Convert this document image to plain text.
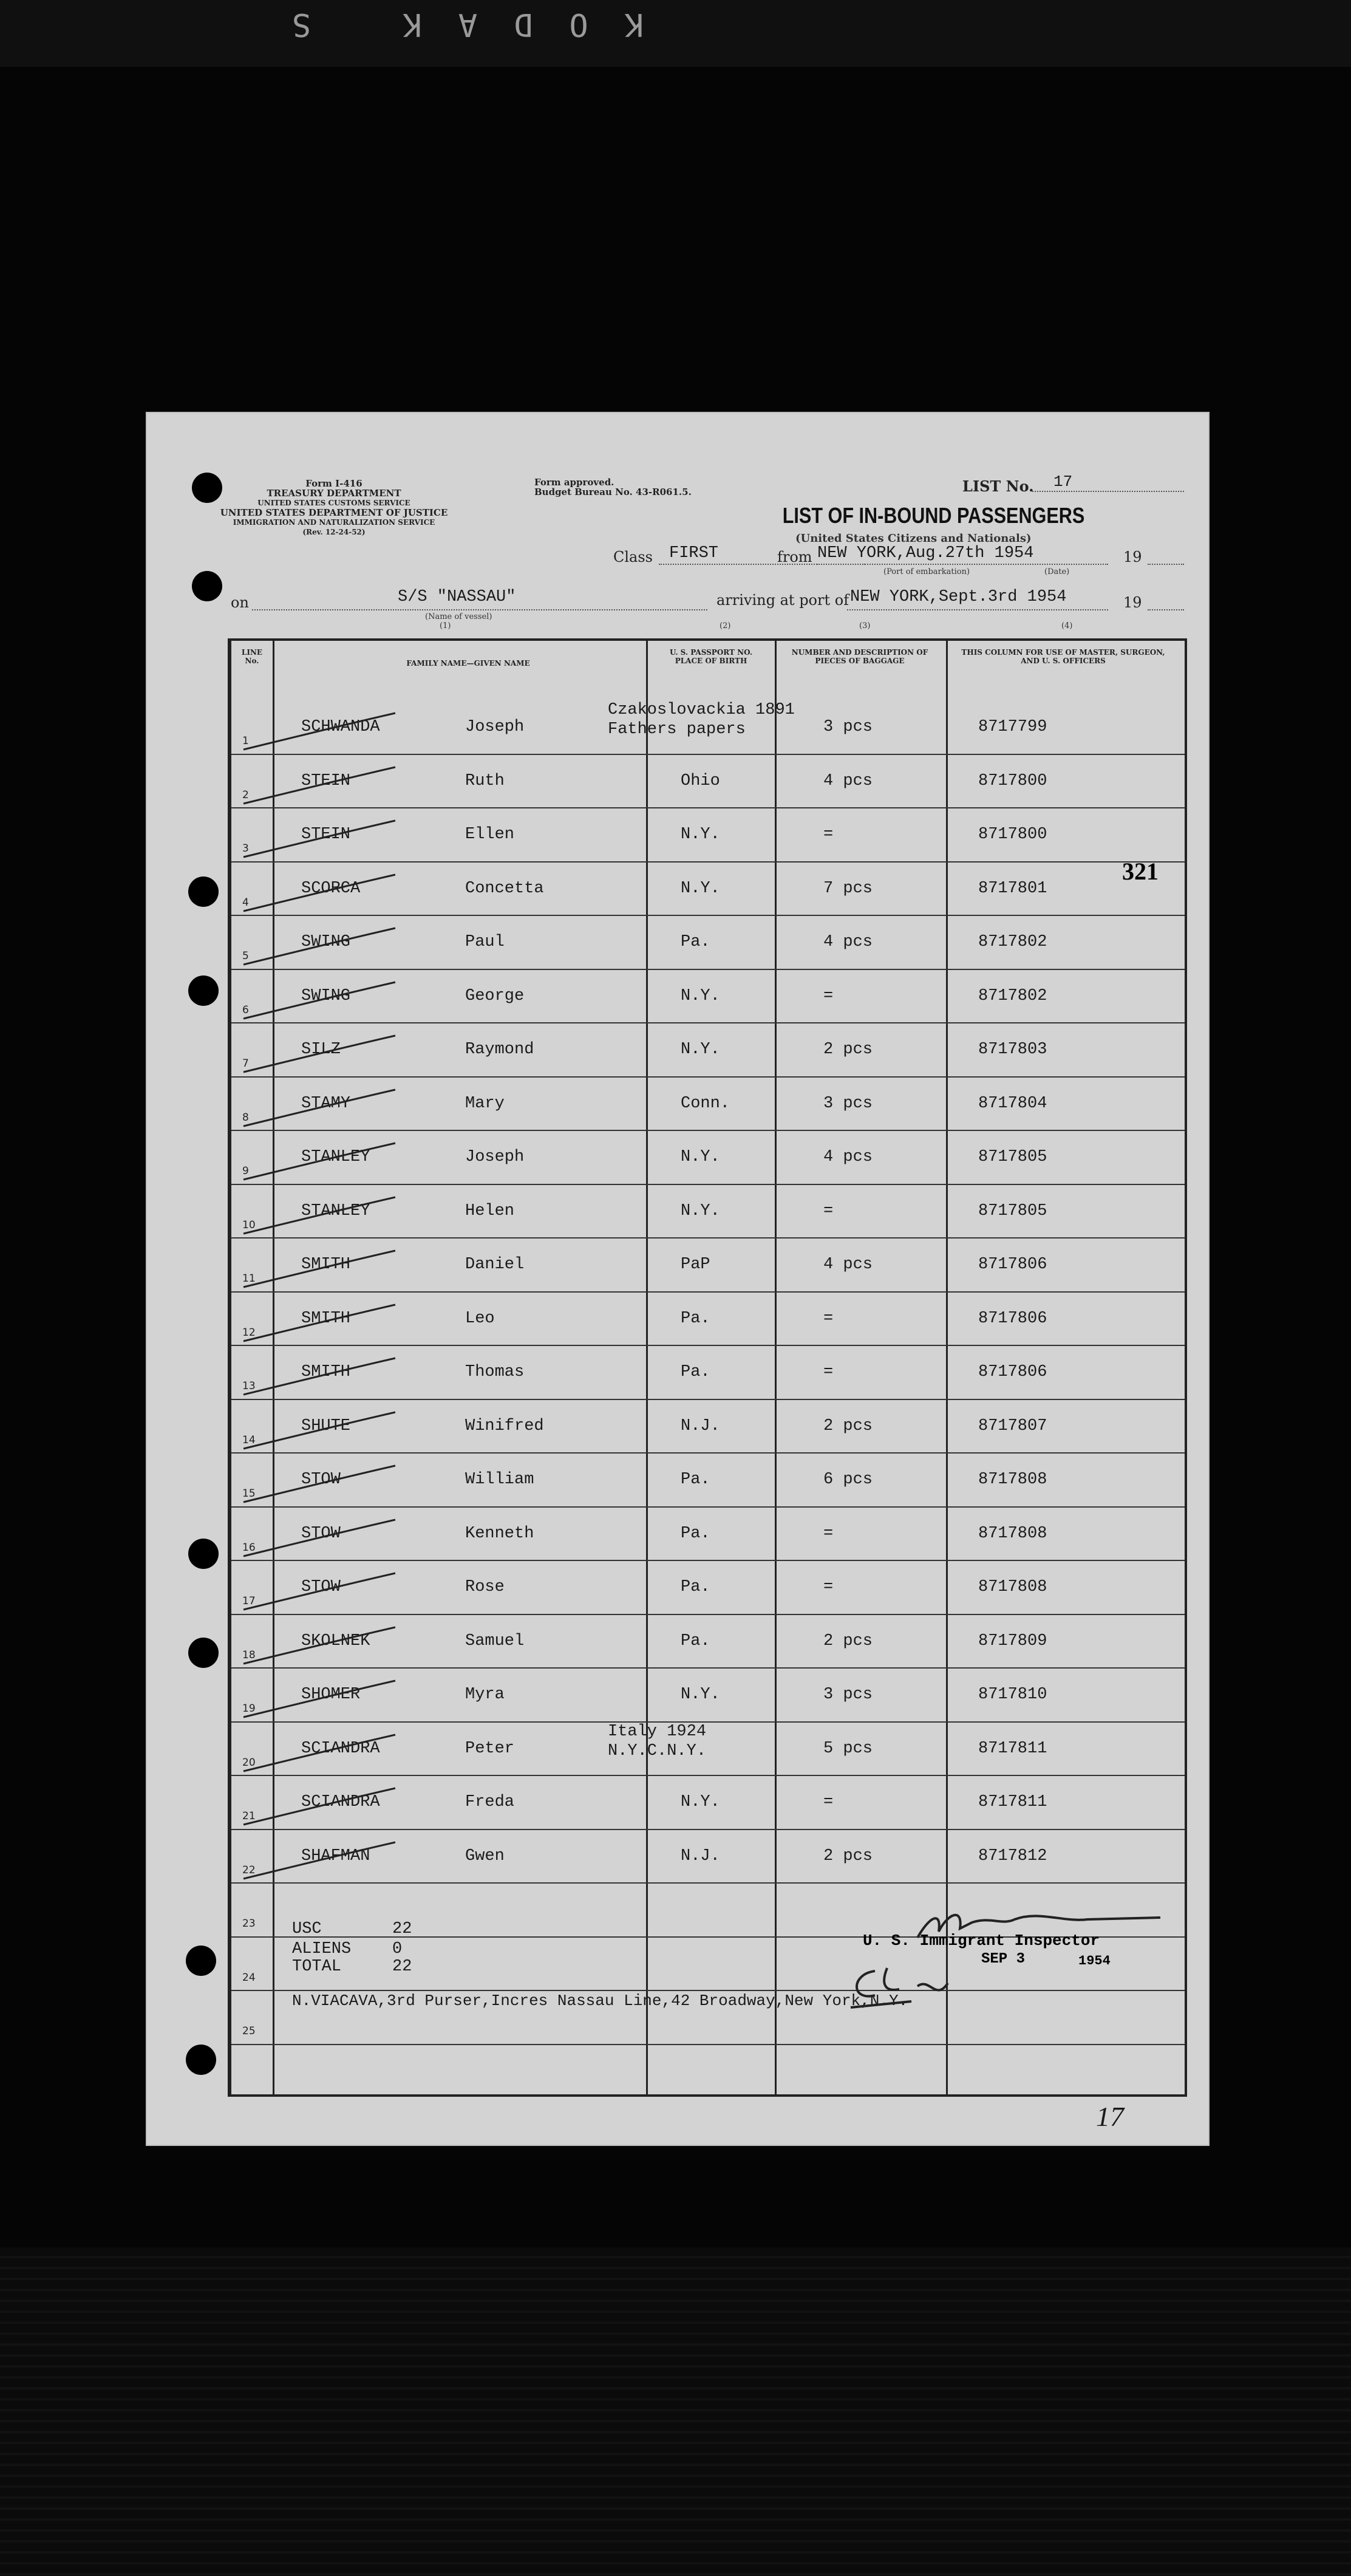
KODAK S
Form I-416
TREASURY DEPARTMENT
UNITED STATES CUSTOMS SERVICE
UNITED STATES DEPARTMENT OF JUSTICE
IMMIGRATION AND NATURALIZATION SERVICE
(Rev. 12-24-52)
Form approved.
Budget Bureau No. 43-R061.5.	LIST No. 17
LIST OF IN-BOUND PASSENGERS
(United States Citizens and Nationals)
Class FIRST	from NEW YORK,Aug.27th 1954	19
(Port of embarkation)	(Date)
on	S/S "NASSAU"	arriving at port of NEW YORK,Sept.3rd 1954	19
(Name of vessel)
(1)	(2)	(3)	(4)
LINE No.	FAMILY NAME—GIVEN NAME
U. S. PASSPORT NO. PLACE OF BIRTH
NUMBER AND DESCRIPTION OF PIECES OF BAGGAGE
THIS COLUMN FOR USE OF MASTER, SURGEON, AND U. S. OFFICERS
1
SCHWANDA	Joseph
Czakoslovackia 1891
Fathers papers	3 pcs	8717799
2
STEIN	Ruth	Ohio	4 pcs	8717800
3
STEIN	Ellen	N.Y.	=	8717800
4
SCORCA	Concetta	N.Y.	7 pcs	8717801
5
SWING	Paul	Pa.	4 pcs	8717802
6
SWING	George	N.Y.	=	8717802
7
SILZ	Raymond	N.Y.	2 pcs	8717803
8
STAMY	Mary	Conn.	3 pcs	8717804
9
STANLEY	Joseph	N.Y.	4 pcs	8717805
10
STANLEY	Helen	N.Y.	=	8717805
11
SMITH	Daniel	PaP	4 pcs	8717806
12
SMITH	Leo	Pa.	=	8717806
13
SMITH	Thomas	Pa.	=	8717806
14
SHUTE	Winifred	N.J.	2 pcs	8717807
15
STOW	William	Pa.	6 pcs	8717808
16
STOW	Kenneth	Pa.	=	8717808
17
STOW	Rose	Pa.	=	8717808
18
SKOLNEK	Samuel	Pa.	2 pcs	8717809
19
SHOMER	Myra	N.Y.	3 pcs	8717810
20
SCIANDRA	Peter
Italy 1924
N.Y.C.N.Y.	5 pcs	8717811
21
SCIANDRA	Freda	N.Y.	=	8717811
22
SHAFMAN	Gwen	N.J.	2 pcs	8717812
23
24
25
USC	22
ALIENS	0
TOTAL	22
N.VIACAVA,3rd Purser,Incres Nassau Line,42 Broadway,New York,N.Y.
U. S. Immigrant Inspector
SEP 3	1954
321
17
